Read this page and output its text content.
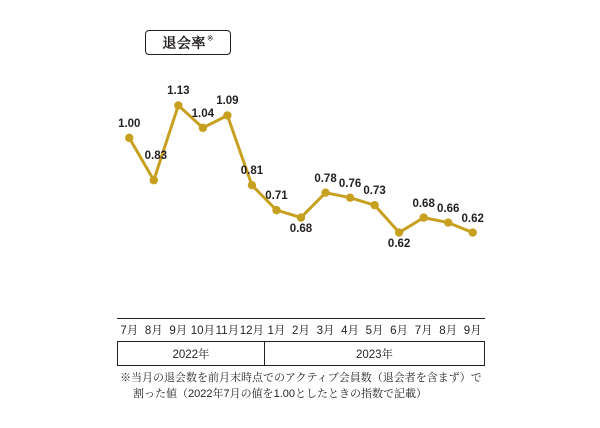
退会率 ※
1.00
0.83
1.13
1.04
1.09
0.81
0.71
0.68
0.78 0.76
0.73
0.62
0.68 0.66
0.62
7月 8月 9月 10月 11月 12月 1月 2月 3月 4月 5月 6月 7月 8月 9月
2022年	2023年
※当月の退会数を前月末時点でのアクティブ会員数（退会者を含まず）で
割った値（2022年7月の値を1.00としたときの指数で記載）
